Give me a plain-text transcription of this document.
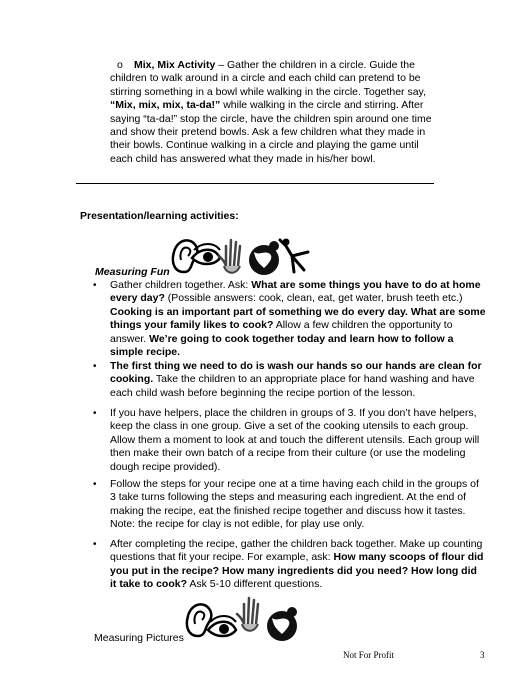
o	Mix, Mix Activity – Gather the children in a circle. Guide the children to walk around in a circle and each child can pretend to be stirring something in a bowl while walking in the circle. Together say, “Mix, mix, mix, ta-da!” while walking in the circle and stirring. After saying “ta-da!” stop the circle, have the children spin around one time and show their pretend bowls. Ask a few children what they made in their bowls. Continue walking in a circle and playing the game until each child has answered what they made in his/her bowl.
Presentation/learning activities:
Measuring Fun
• Gather children together. Ask: What are some things you have to do at home every day? (Possible answers: cook, clean, eat, get water, brush teeth etc.) Cooking is an important part of something we do every day. What are some things your family likes to cook? Allow a few children the opportunity to answer. We’re going to cook together today and learn how to follow a simple recipe.
• The first thing we need to do is wash our hands so our hands are clean for cooking. Take the children to an appropriate place for hand washing and have each child wash before beginning the recipe portion of the lesson.
• If you have helpers, place the children in groups of 3. If you don’t have helpers, keep the class in one group. Give a set of the cooking utensils to each group. Allow them a moment to look at and touch the different utensils. Each group will then make their own batch of a recipe from their culture (or use the modeling dough recipe provided).
• Follow the steps for your recipe one at a time having each child in the groups of 3 take turns following the steps and measuring each ingredient. At the end of making the recipe, eat the finished recipe together and discuss how it tastes. Note: the recipe for clay is not edible, for play use only.
• After completing the recipe, gather the children back together. Make up counting questions that fit your recipe. For example, ask: How many scoops of flour did you put in the recipe? How many ingredients did you need? How long did it take to cook? Ask 5-10 different questions.
Measuring Pictures
Not For Profit	3
